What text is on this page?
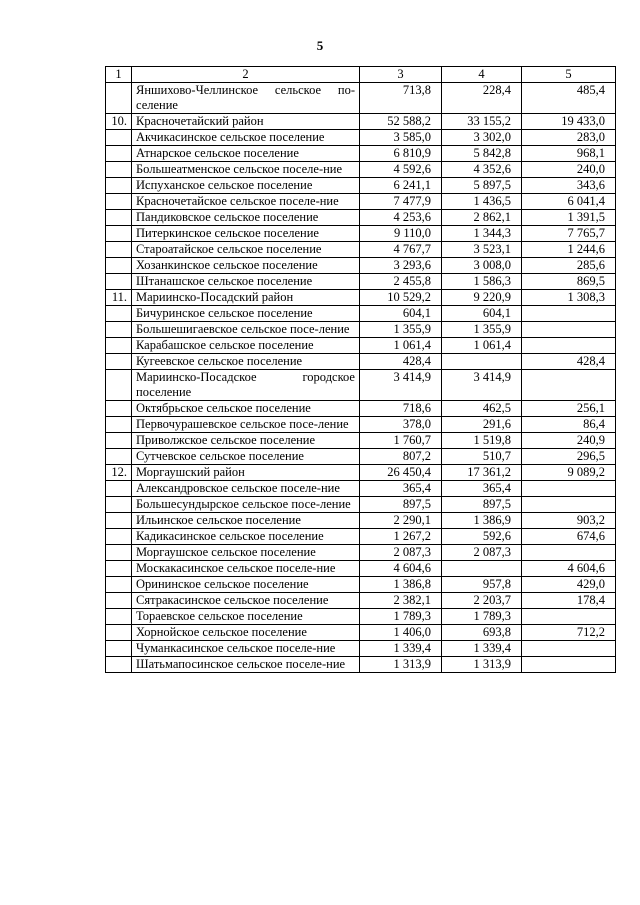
5
1	2	3	4	5
	Яншихово-Челлинское сельское по-селение	713,8	228,4	485,4
10.	Красночетайский район	52 588,2	33 155,2	19 433,0
	Акчикасинское сельское поселение	3 585,0	3 302,0	283,0
	Атнарское сельское поселение	6 810,9	5 842,8	968,1
	Большеатменское сельское поселе-ние	4 592,6	4 352,6	240,0
	Испуханское сельское поселение	6 241,1	5 897,5	343,6
	Красночетайское сельское поселе-ние	7 477,9	1 436,5	6 041,4
	Пандиковское сельское поселение	4 253,6	2 862,1	1 391,5
	Питеркинское сельское поселение	9 110,0	1 344,3	7 765,7
	Староатайское сельское поселение	4 767,7	3 523,1	1 244,6
	Хозанкинское сельское поселение	3 293,6	3 008,0	285,6
	Штанашское сельское поселение	2 455,8	1 586,3	869,5
11.	Мариинско-Посадский район	10 529,2	9 220,9	1 308,3
	Бичуринское сельское поселение	604,1	604,1	
	Большешигаевское сельское посе-ление	1 355,9	1 355,9	
	Карабашское сельское поселение	1 061,4	1 061,4	
	Кугеевское сельское поселение	428,4		428,4
	Мариинско-Посадское городское поселение	3 414,9	3 414,9	
	Октябрьское сельское поселение	718,6	462,5	256,1
	Первочурашевское сельское посе-ление	378,0	291,6	86,4
	Приволжское сельское поселение	1 760,7	1 519,8	240,9
	Сутчевское сельское поселение	807,2	510,7	296,5
12.	Моргаушский район	26 450,4	17 361,2	9 089,2
	Александровское сельское поселе-ние	365,4	365,4	
	Большесундырское сельское посе-ление	897,5	897,5	
	Ильинское сельское поселение	2 290,1	1 386,9	903,2
	Кадикасинское сельское поселение	1 267,2	592,6	674,6
	Моргаушское сельское поселение	2 087,3	2 087,3	
	Москакасинское сельское поселе-ние	4 604,6		4 604,6
	Орининское сельское поселение	1 386,8	957,8	429,0
	Сятракасинское сельское поселение	2 382,1	2 203,7	178,4
	Тораевское сельское поселение	1 789,3	1 789,3	
	Хорнойское сельское поселение	1 406,0	693,8	712,2
	Чуманкасинское сельское поселе-ние	1 339,4	1 339,4	
	Шатьмапосинское сельское поселе-ние	1 313,9	1 313,9	
